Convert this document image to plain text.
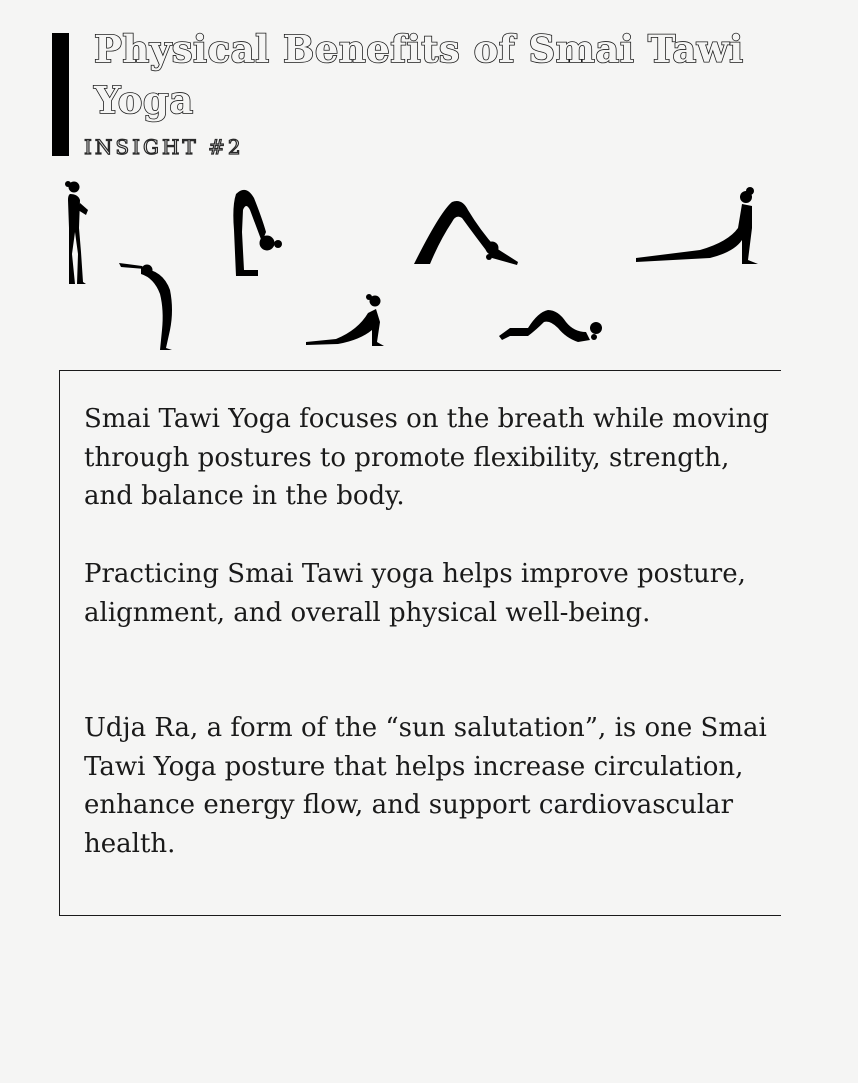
Physical Benefits of Smai Tawi Yoga
INSIGHT #2

Smai Tawi Yoga focuses on the breath while moving through postures to promote flexibility, strength, and balance in the body.

Practicing Smai Tawi yoga helps improve posture, alignment, and overall physical well-being.

Udja Ra, a form of the “sun salutation”, is one Smai Tawi Yoga posture that helps increase circulation, enhance energy flow, and support cardiovascular health.
